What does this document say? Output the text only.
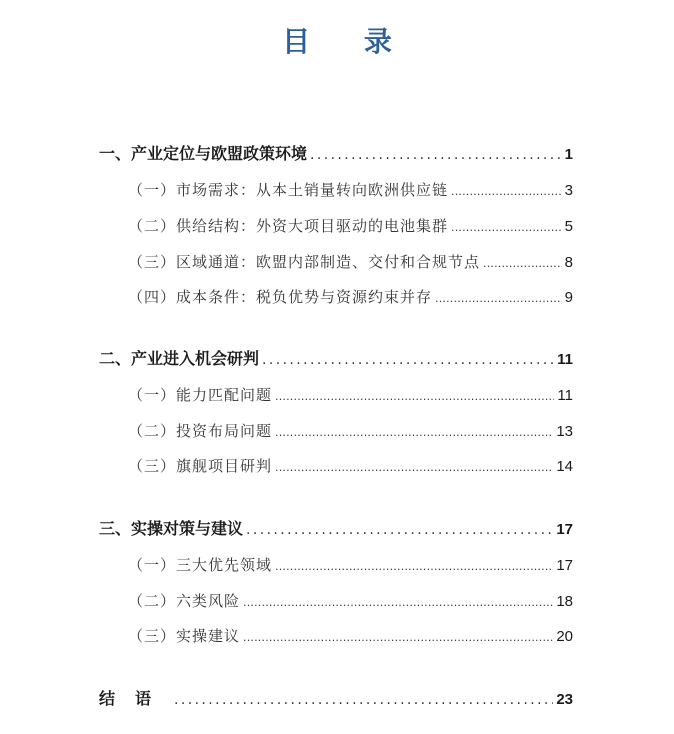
目 录
一、产业定位与欧盟政策环境 .....	1
（一）市场需求：从本土销量转向欧洲供应链 .....	3
（二）供给结构：外资大项目驱动的电池集群 .....	5
（三）区域通道：欧盟内部制造、交付和合规节点 .....	8
（四）成本条件：税负优势与资源约束并存 .....	9
二、产业进入机会研判 .....	11
（一）能力匹配问题 .....	11
（二）投资布局问题 .....	13
（三）旗舰项目研判 .....	14
三、实操对策与建议 .....	17
（一）三大优先领域 .....	17
（二）六类风险 .....	18
（三）实操建议 .....	20
结语 .....	23
